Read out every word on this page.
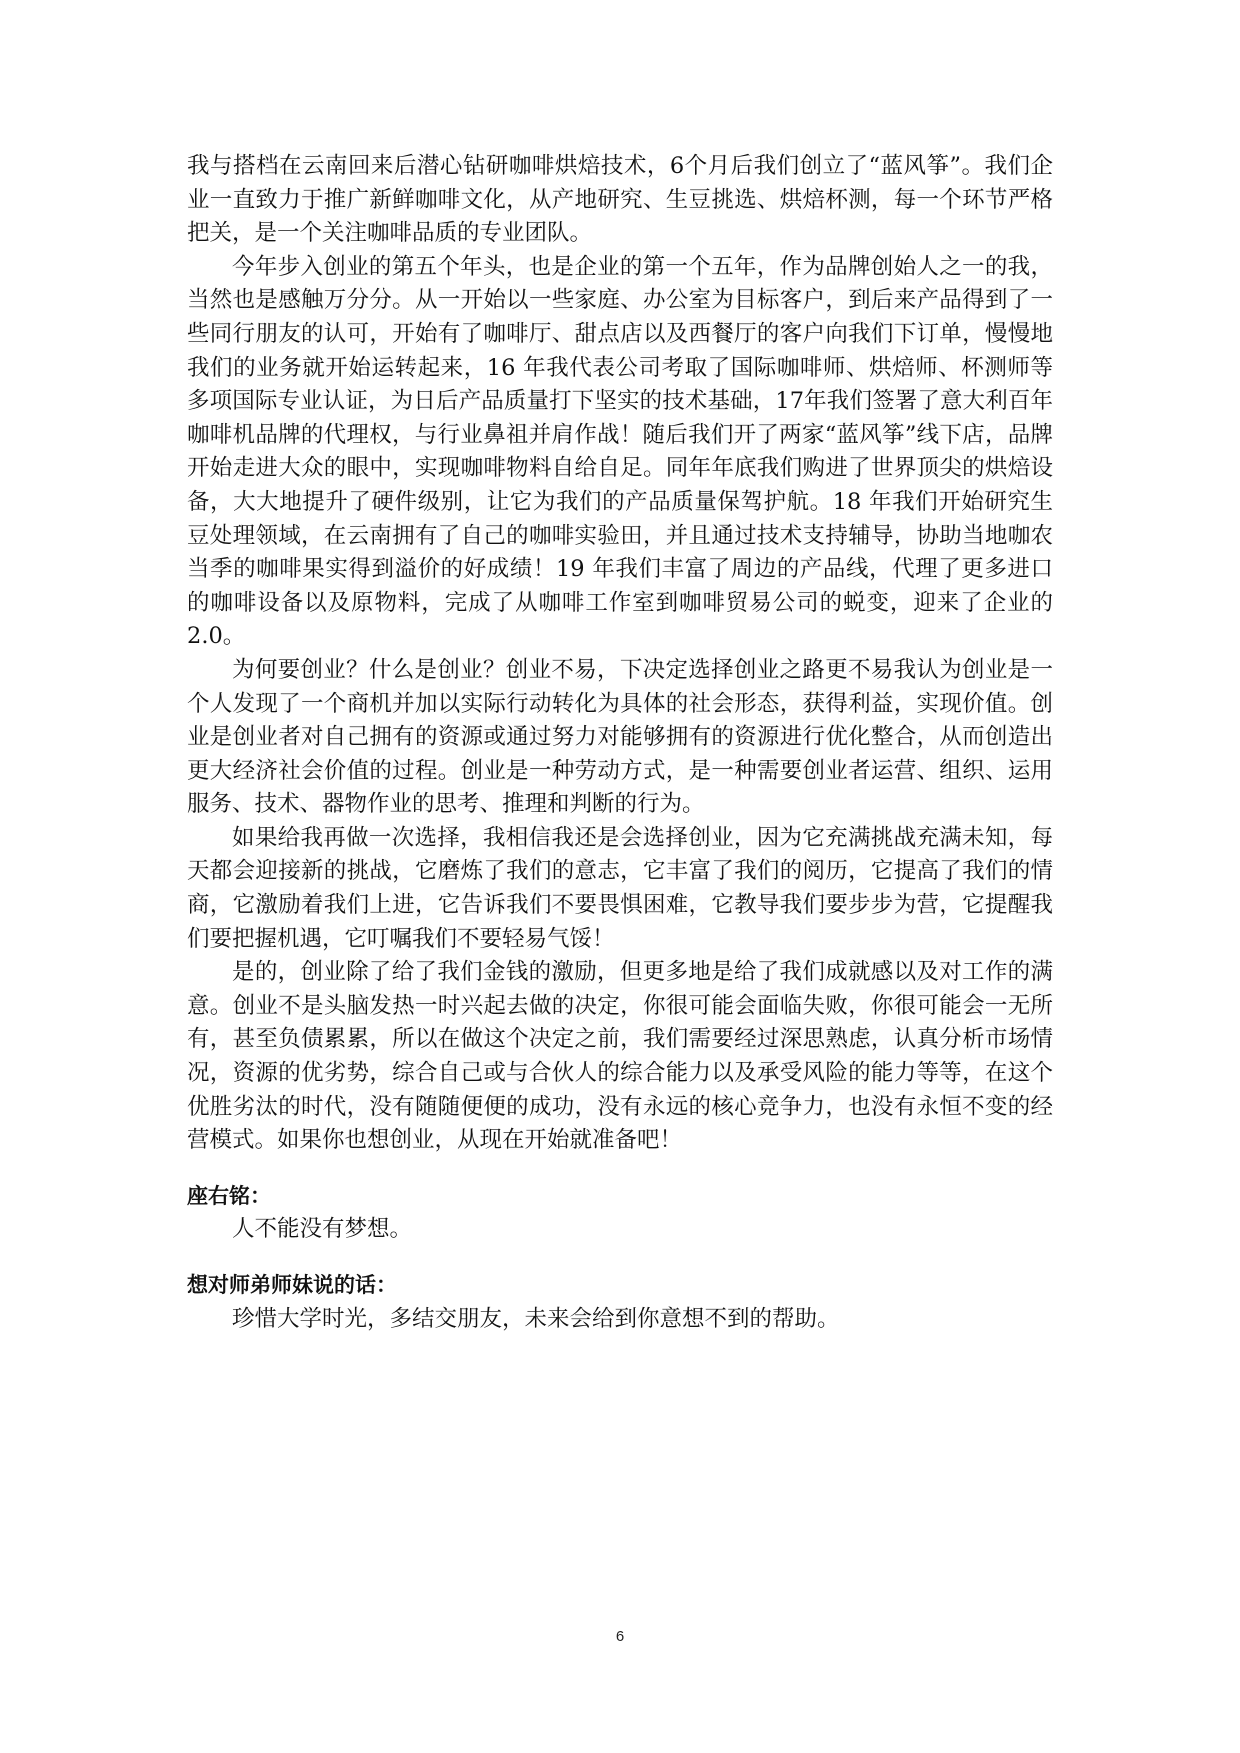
我与搭档在云南回来后潜心钻研咖啡烘焙技术，6个月后我们创立了“蓝风筝”。我们企业一直致力于推广新鲜咖啡文化，从产地研究、生豆挑选、烘焙杯测，每一个环节严格把关，是一个关注咖啡品质的专业团队。

今年步入创业的第五个年头，也是企业的第一个五年，作为品牌创始人之一的我，当然也是感触万分分。从一开始以一些家庭、办公室为目标客户，到后来产品得到了一些同行朋友的认可，开始有了咖啡厅、甜点店以及西餐厅的客户向我们下订单，慢慢地我们的业务就开始运转起来，16 年我代表公司考取了国际咖啡师、烘焙师、杯测师等多项国际专业认证，为日后产品质量打下坚实的技术基础，17年我们签署了意大利百年咖啡机品牌的代理权，与行业鼻祖并肩作战！随后我们开了两家“蓝风筝”线下店，品牌开始走进大众的眼中，实现咖啡物料自给自足。同年年底我们购进了世界顶尖的烘焙设备，大大地提升了硬件级别，让它为我们的产品质量保驾护航。18 年我们开始研究生豆处理领域，在云南拥有了自己的咖啡实验田，并且通过技术支持辅导，协助当地咖农当季的咖啡果实得到溢价的好成绩！19 年我们丰富了周边的产品线，代理了更多进口的咖啡设备以及原物料，完成了从咖啡工作室到咖啡贸易公司的蜕变，迎来了企业的 2.0。

为何要创业？什么是创业？创业不易，下决定选择创业之路更不易我认为创业是一个人发现了一个商机并加以实际行动转化为具体的社会形态，获得利益，实现价值。创业是创业者对自己拥有的资源或通过努力对能够拥有的资源进行优化整合，从而创造出更大经济社会价值的过程。创业是一种劳动方式，是一种需要创业者运营、组织、运用服务、技术、器物作业的思考、推理和判断的行为。

如果给我再做一次选择，我相信我还是会选择创业，因为它充满挑战充满未知，每天都会迎接新的挑战，它磨炼了我们的意志，它丰富了我们的阅历，它提高了我们的情商，它激励着我们上进，它告诉我们不要畏惧困难，它教导我们要步步为营，它提醒我们要把握机遇，它叮嘱我们不要轻易气馁！

是的，创业除了给了我们金钱的激励，但更多地是给了我们成就感以及对工作的满意。创业不是头脑发热一时兴起去做的决定，你很可能会面临失败，你很可能会一无所有，甚至负债累累，所以在做这个决定之前，我们需要经过深思熟虑，认真分析市场情况，资源的优劣势，综合自己或与合伙人的综合能力以及承受风险的能力等等，在这个优胜劣汰的时代，没有随随便便的成功，没有永远的核心竞争力，也没有永恒不变的经营模式。如果你也想创业，从现在开始就准备吧！

座右铭：

人不能没有梦想。

想对师弟师妹说的话：

珍惜大学时光，多结交朋友，未来会给到你意想不到的帮助。

6
